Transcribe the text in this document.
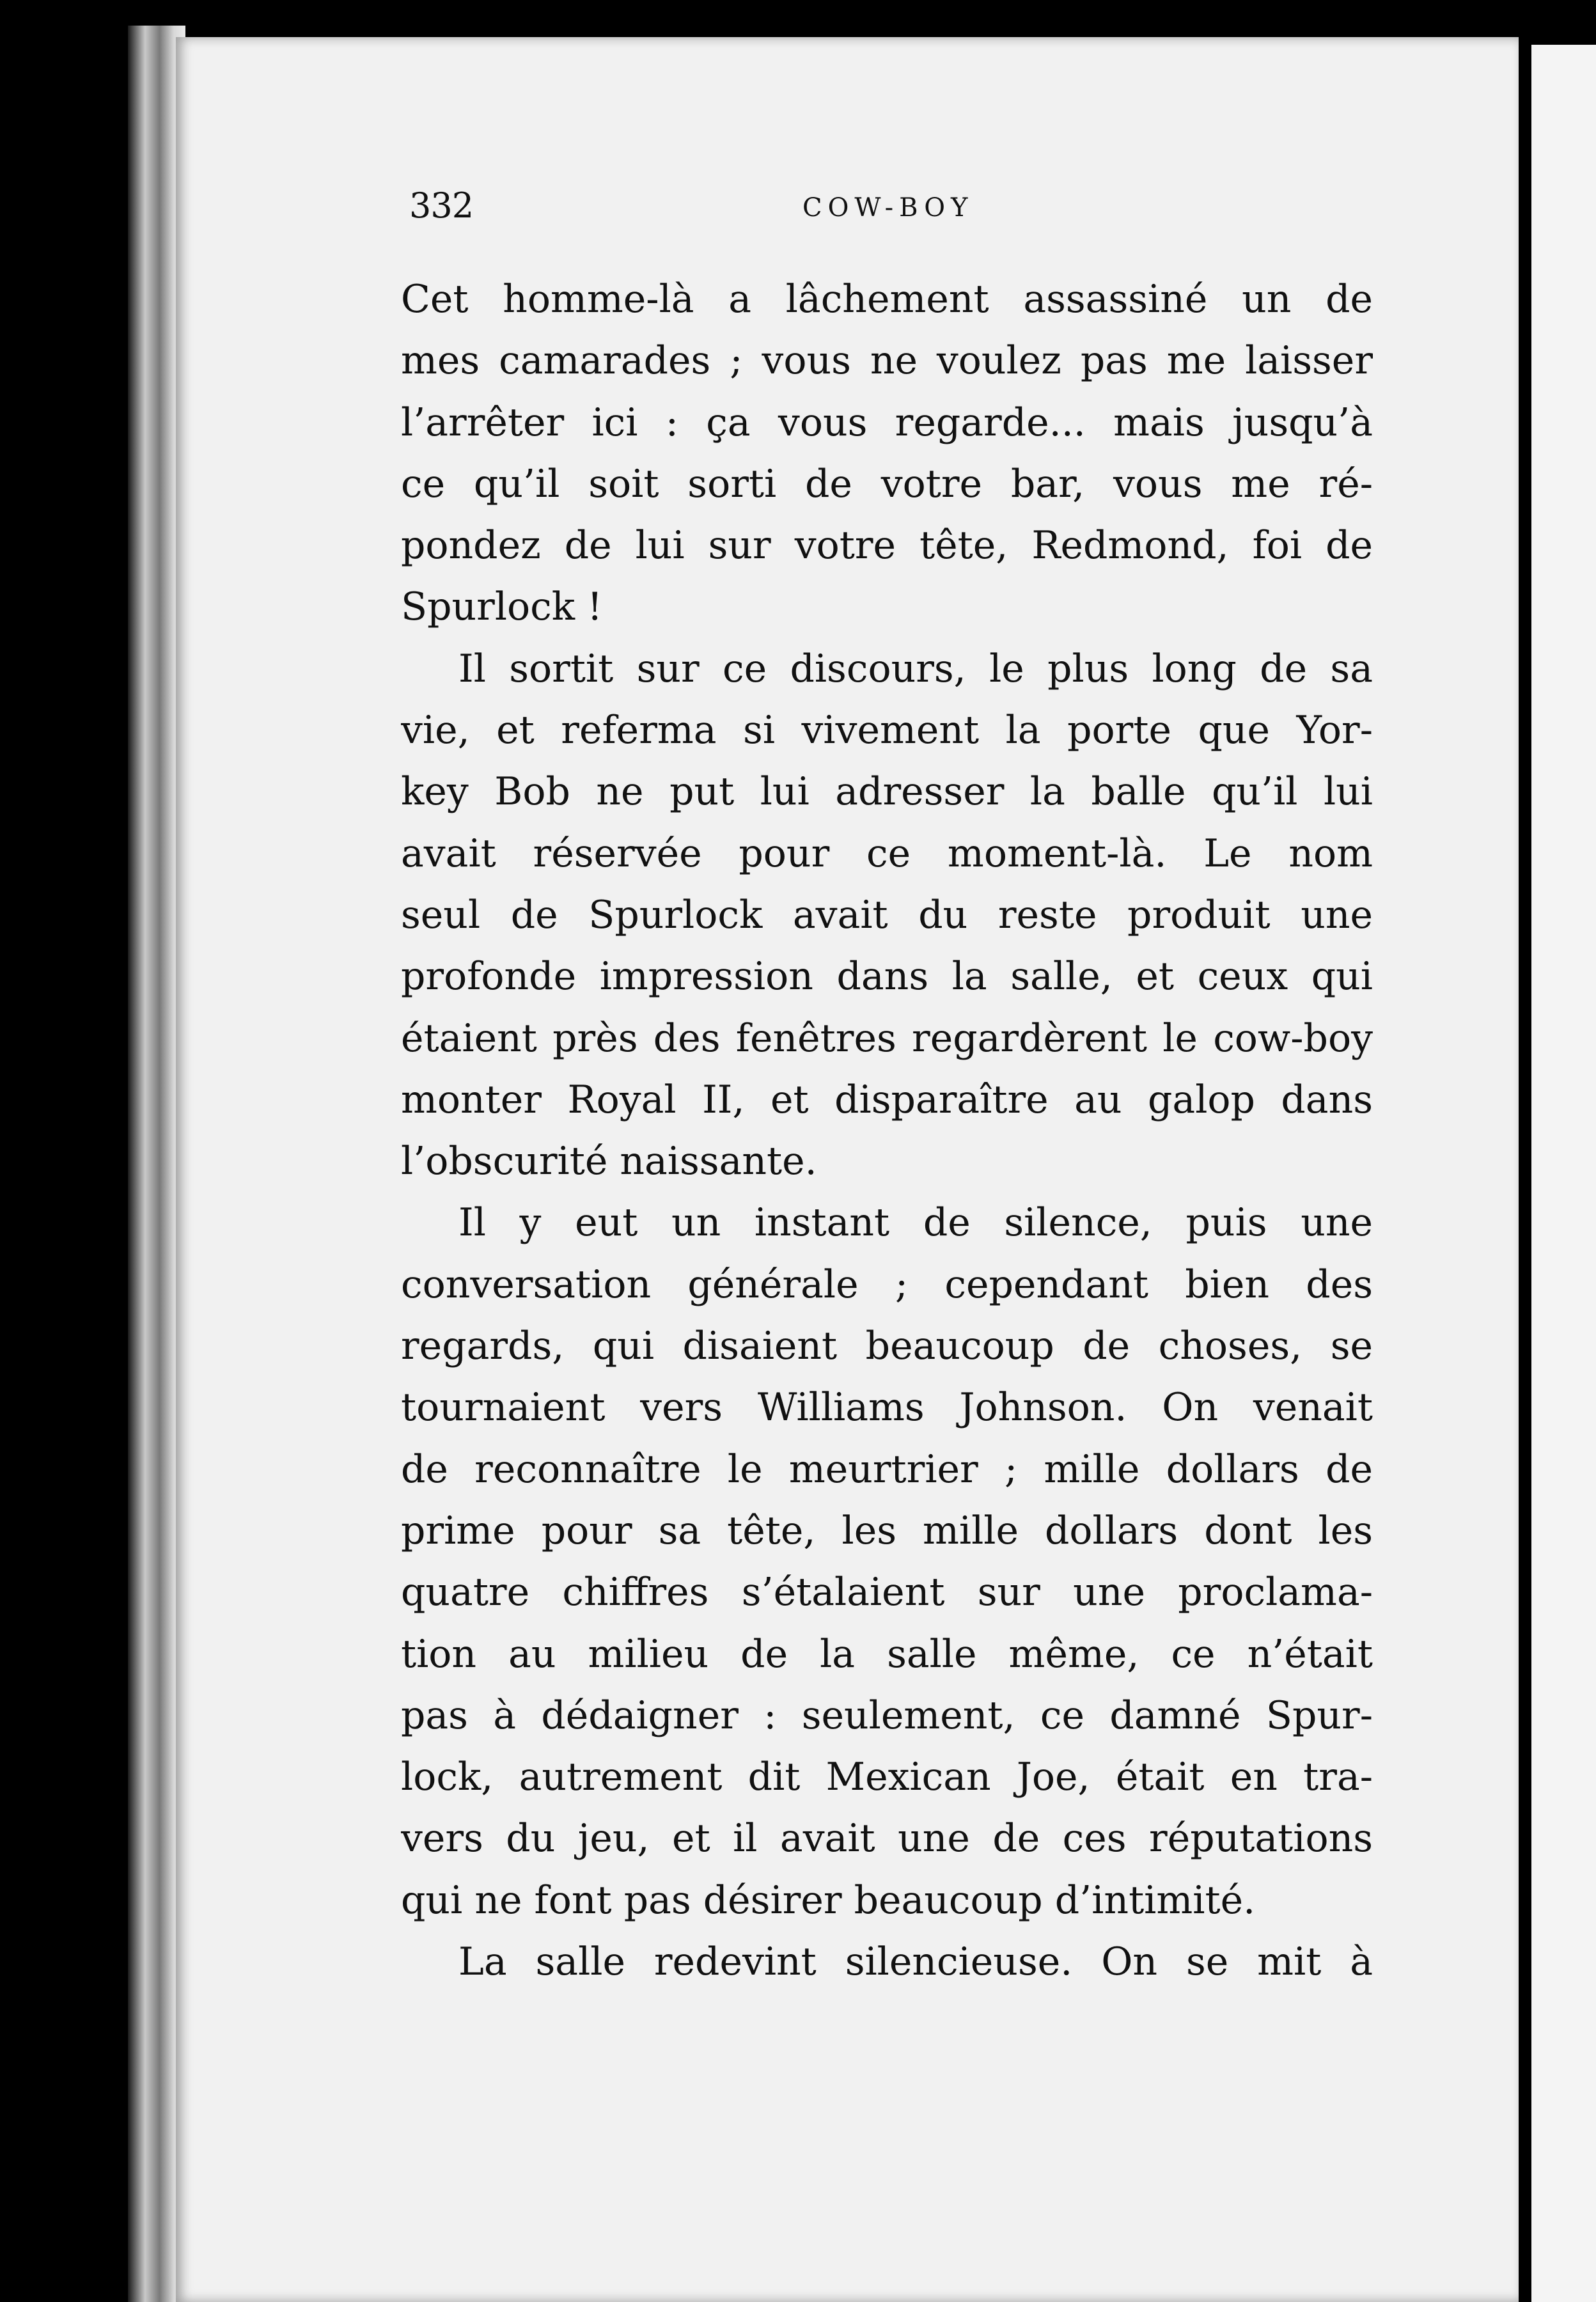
332	COW-BOY
Cet homme-là a lâchement assassiné un de
mes camarades ; vous ne voulez pas me laisser
l’arrêter ici : ça vous regarde... mais jusqu’à
ce qu’il soit sorti de votre bar, vous me ré-
pondez de lui sur votre tête, Redmond, foi de
Spurlock !
Il sortit sur ce discours, le plus long de sa
vie, et referma si vivement la porte que Yor-
key Bob ne put lui adresser la balle qu’il lui
avait réservée pour ce moment-là. Le nom
seul de Spurlock avait du reste produit une
profonde impression dans la salle, et ceux qui
étaient près des fenêtres regardèrent le cow-boy
monter Royal II, et disparaître au galop dans
l’obscurité naissante.
Il y eut un instant de silence, puis une
conversation générale ; cependant bien des
regards, qui disaient beaucoup de choses, se
tournaient vers Williams Johnson. On venait
de reconnaître le meurtrier ; mille dollars de
prime pour sa tête, les mille dollars dont les
quatre chiffres s’étalaient sur une proclama-
tion au milieu de la salle même, ce n’était
pas à dédaigner : seulement, ce damné Spur-
lock, autrement dit Mexican Joe, était en tra-
vers du jeu, et il avait une de ces réputations
qui ne font pas désirer beaucoup d’intimité.
La salle redevint silencieuse. On se mit à
